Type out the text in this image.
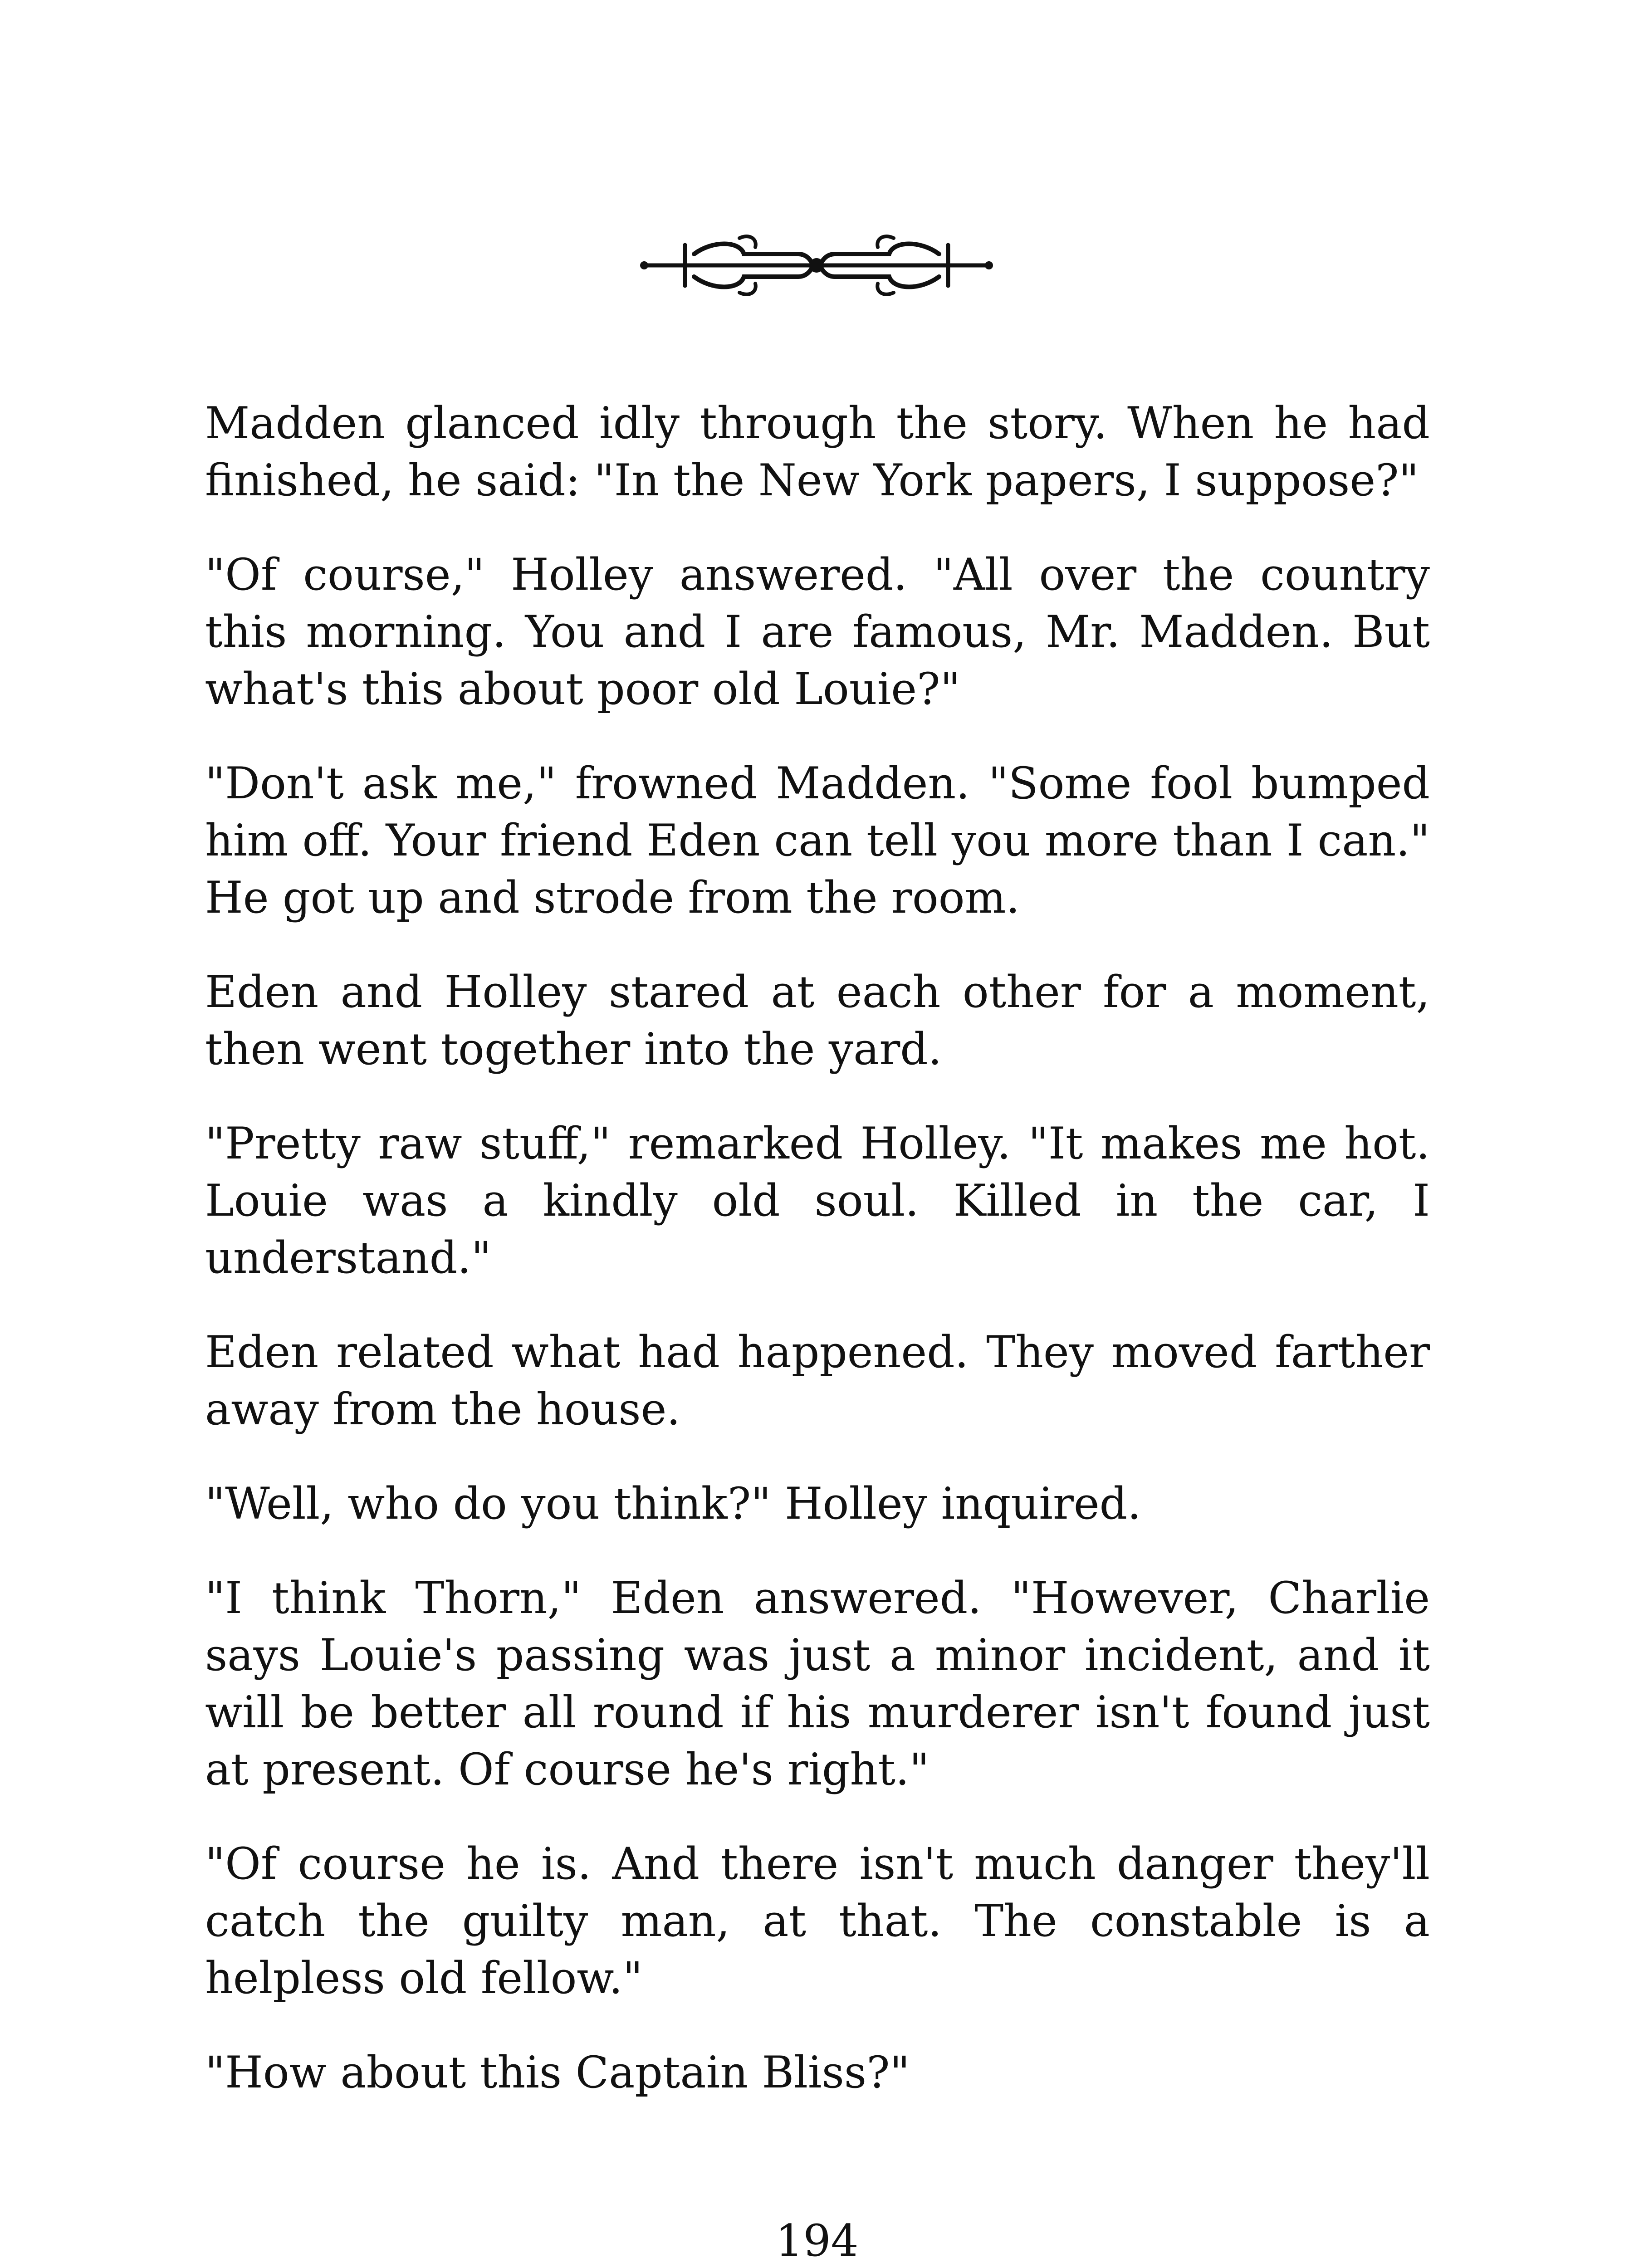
Madden glanced idly through the story. When he had finished, he said: "In the New York papers, I suppose?"

"Of course," Holley answered. "All over the country this morning. You and I are famous, Mr. Madden. But what's this about poor old Louie?"

"Don't ask me," frowned Madden. "Some fool bumped him off. Your friend Eden can tell you more than I can." He got up and strode from the room.

Eden and Holley stared at each other for a moment, then went together into the yard.

"Pretty raw stuff," remarked Holley. "It makes me hot. Louie was a kindly old soul. Killed in the car, I understand."

Eden related what had happened. They moved farther away from the house.

"Well, who do you think?" Holley inquired.

"I think Thorn," Eden answered. "However, Charlie says Louie's passing was just a minor incident, and it will be better all round if his murderer isn't found just at present. Of course he's right."

"Of course he is. And there isn't much danger they'll catch the guilty man, at that. The constable is a helpless old fellow."

"How about this Captain Bliss?"

194
